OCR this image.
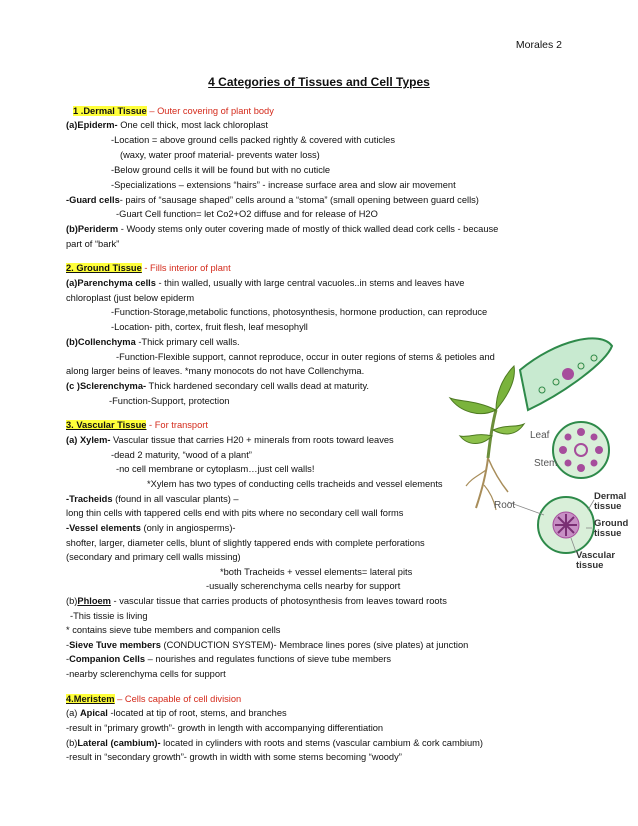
Morales 2
4 Categories of Tissues and Cell Types
1 .Dermal Tissue – Outer covering of plant body
(a)Epiderm- One cell thick, most lack chloroplast
-Location = above ground cells packed rightly & covered with cuticles
(waxy, water proof material- prevents water loss)
-Below ground cells it will be found but with no cuticle
-Specializations – extensions “hairs” - increase surface area and slow air movement
-Guard cells- pairs of “sausage shaped” cells around a “stoma” (small opening between guard cells)
-Guart Cell function= let Co2+O2 diffuse and for release of H2O
(b)Periderm - Woody stems only outer covering made of mostly of thick walled dead cork cells - because
part of “bark”
2. Ground Tissue - Fills interior of plant
(a)Parenchyma cells - thin walled, usually with large central vacuoles..in stems and leaves have
chloroplast (just below epiderm
-Function-Storage,metabolic functions, photosynthesis, hormone production, can reproduce
-Location- pith, cortex, fruit flesh, leaf mesophyll
(b)Collenchyma -Thick primary cell walls.
-Function-Flexible support, cannot reproduce, occur in outer regions of stems & petioles and
along larger beins of leaves. *many monocots do not have Collenchyma.
(c )Sclerenchyma- Thick hardened secondary cell walls dead at maturity.
-Function-Support, protection
3. Vascular Tissue - For transport
(a) Xylem- Vascular tissue that carries H20 + minerals from roots toward leaves
-dead 2 maturity, “wood of a plant”
-no cell membrane or cytoplasm…just cell walls!
*Xylem has two types of conducting cells tracheids and vessel elements
-Tracheids (found in all vascular plants) –
long thin cells with tappered cells end with pits where no secondary cell wall forms
-Vessel elements (only in angiosperms)-
shofter, larger, diameter cells, blunt of slightly tappered ends with complete perforations
(secondary and primary cell walls missing)
*both Tracheids + vessel elements= lateral pits
-usually scherenchyma cells nearby for support
(b)Phloem - vascular tissue that carries products of photosynthesis from leaves toward roots
-This tissie is living
* contains sieve tube members and companion cells
-Sieve Tuve members (CONDUCTION SYSTEM)- Membrace lines pores (sive plates) at junction
-Companion Cells – nourishes and regulates functions of sieve tube members
-nearby sclerenchyma cells for support
4.Meristem – Cells capable of cell division
(a) Apical -located at tip of root, stems, and branches
-result in “primary growth”- growth in length with accompanying differentiation
(b)Lateral (cambium)- located in cylinders with roots and stems (vascular cambium & cork cambium)
-result in “secondary growth”- growth in width with some stems becoming “woody”
Leaf
Stem
Root
Dermal
tissue
Ground
tissue
Vascular
tissue
